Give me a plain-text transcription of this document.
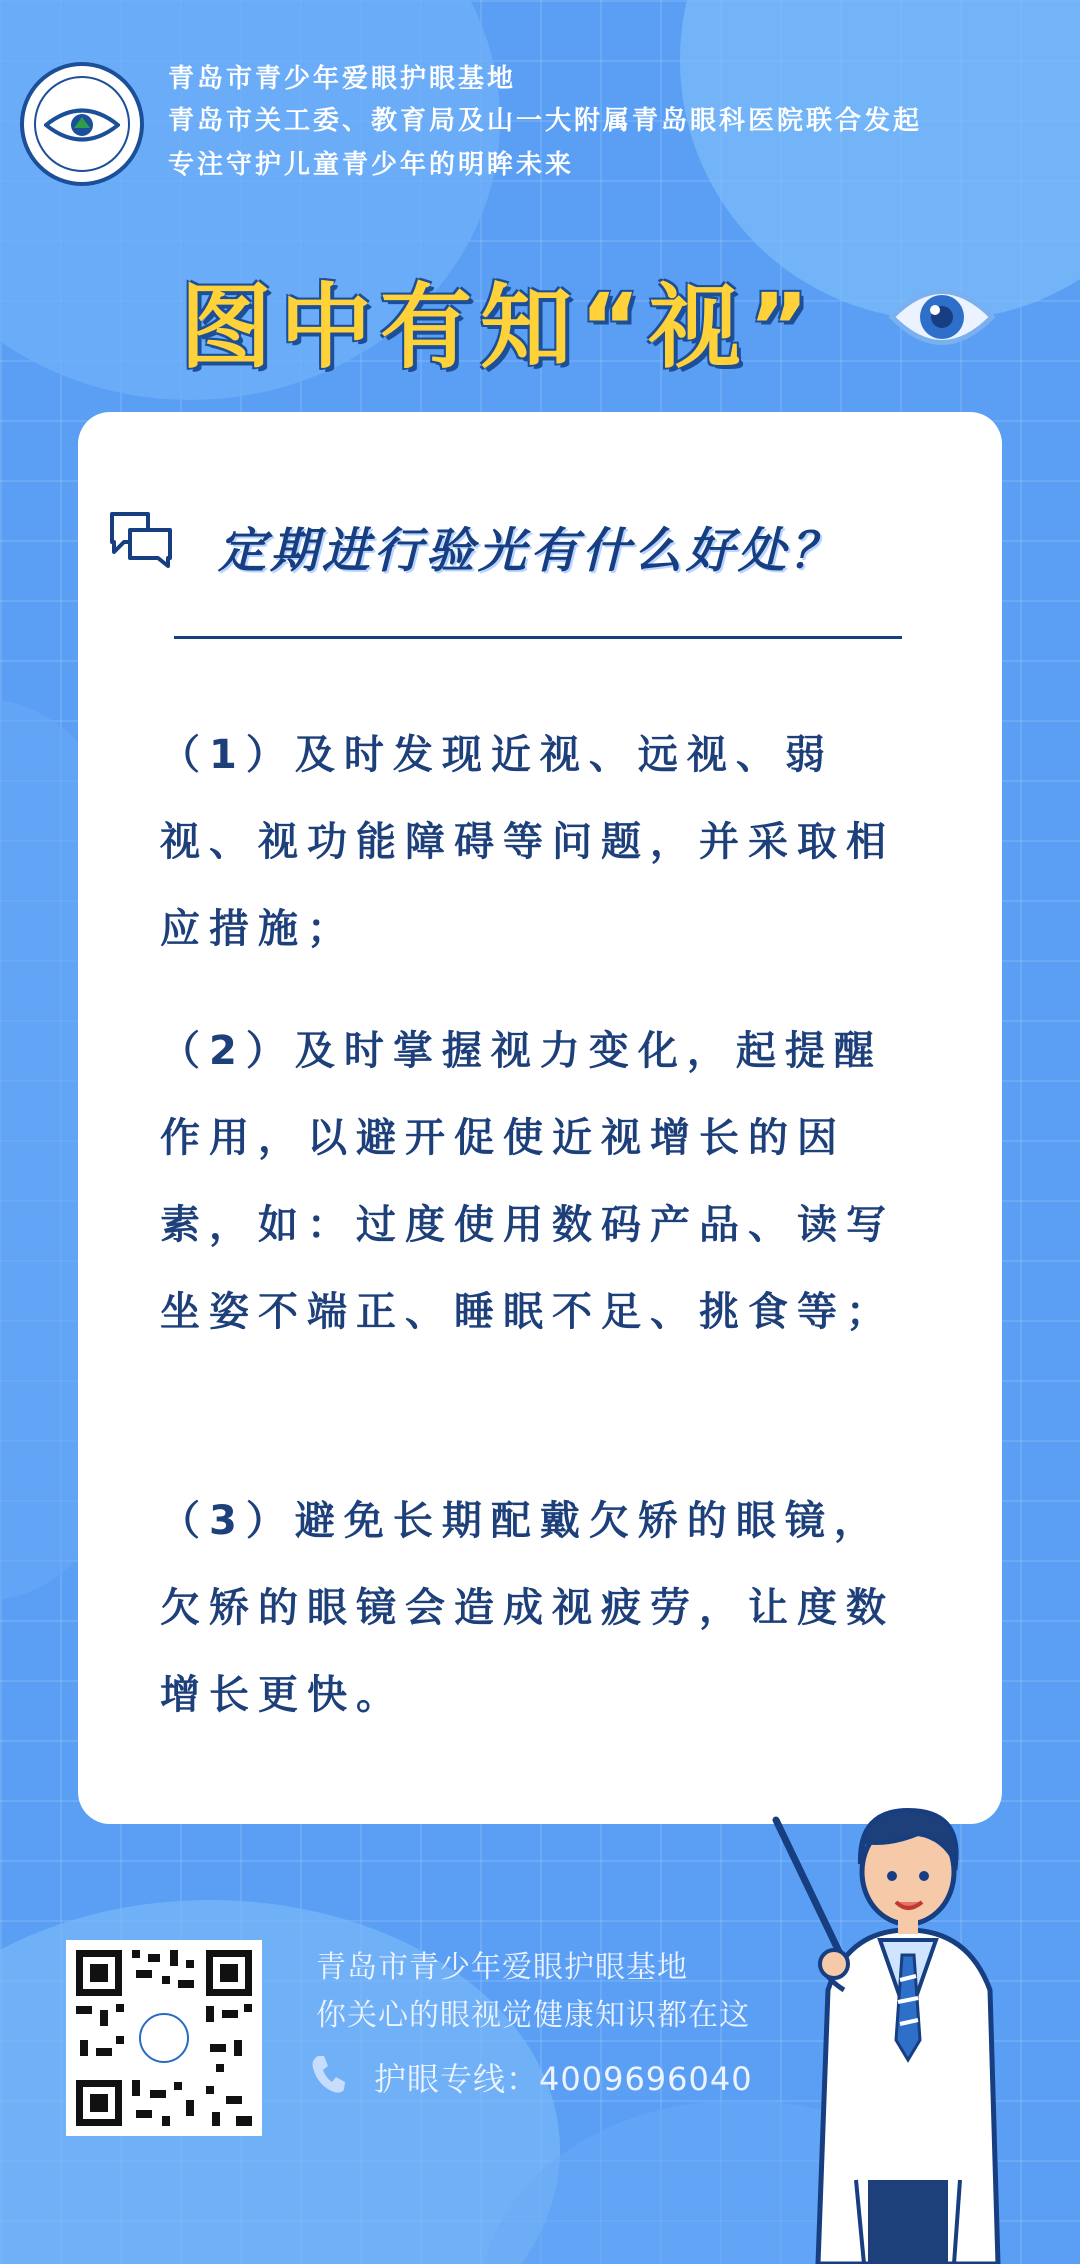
青岛市青少年爱眼护眼基地
青岛市关工委、教育局及山一大附属青岛眼科医院联合发起
专注守护儿童青少年的明眸未来
图中有知“视”
定期进行验光有什么好处？
（1）及时发现近视、远视、弱视、视功能障碍等问题，并采取相应措施；
（2）及时掌握视力变化，起提醒作用，以避开促使近视增长的因素，如：过度使用数码产品、读写坐姿不端正、睡眠不足、挑食等；
（3）避免长期配戴欠矫的眼镜，欠矫的眼镜会造成视疲劳，让度数增长更快。
青岛市青少年爱眼护眼基地
你关心的眼视觉健康知识都在这
护眼专线：4009696040
